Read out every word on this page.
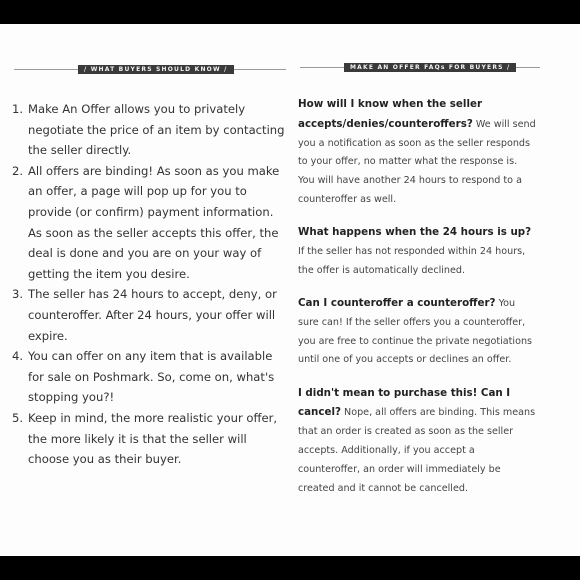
/ WHAT BUYERS SHOULD KNOW /	MAKE AN OFFER FAQs FOR BUYERS /

1. Make An Offer allows you to privately negotiate the price of an item by contacting the seller directly.

2. All offers are binding! As soon as you make an offer, a page will pop up for you to provide (or confirm) payment information. As soon as the seller accepts this offer, the deal is done and you are on your way of getting the item you desire.

3. The seller has 24 hours to accept, deny, or counteroffer. After 24 hours, your offer will expire.

4. You can offer on any item that is available for sale on Poshmark. So, come on, what's stopping you?!

5. Keep in mind, the more realistic your offer, the more likely it is that the seller will choose you as their buyer.

How will I know when the seller accepts/denies/counteroffers? We will send you a notification as soon as the seller responds to your offer, no matter what the response is. You will have another 24 hours to respond to a counteroffer as well.

What happens when the 24 hours is up? If the seller has not responded within 24 hours, the offer is automatically declined.

Can I counteroffer a counteroffer? You sure can! If the seller offers you a counteroffer, you are free to continue the private negotiations until one of you accepts or declines an offer.

I didn't mean to purchase this! Can I cancel? Nope, all offers are binding. This means that an order is created as soon as the seller accepts. Additionally, if you accept a counteroffer, an order will immediately be created and it cannot be cancelled.
